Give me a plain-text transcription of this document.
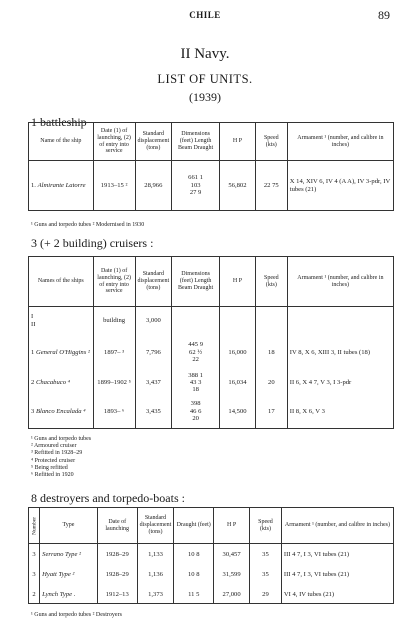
CHILE	89
II Navy.
LIST OF UNITS.
(1939)
1 battleship
Name of the ship	Date (1) of launching, (2) of entry into service	Standard displacement (tons)	Dimensions (feet) Length Beam Draught	H P	Speed (kts)	Armament ¹ (number, and calibre in inches)
1. Almirante Latorre	1913–15 ²	28,966	661 1
103
27 9	56,802	22 75	X 14, XIV 6, IV 4 (A A), IV 3-pdr, IV tubes (21)
¹ Guns and torpedo tubes ² Modernised in 1930
3 (+ 2 building) cruisers :
Names of the ships	Date (1) of launching, (2) of entry into service	Standard displacement (tons)	Dimensions (feet) Length Beam Draught	H P	Speed (kts)	Armament ¹ (number, and calibre in inches)
I
II	building	3,000				
1 General O'Higgins ²	1897– ³	7,796	445 9
62 ½
22	16,000	18	IV 8, X 6, XIII 3, II tubes (18)
2 Chacabuco ⁴	1899–1902 ⁵	3,437	388 1
43 3
18	16,034	20	II 6, X 4 7, V 3, I 3-pdr
3 Blanco Encalada ⁴	1893– ⁶	3,435	398
46 6
20	14,500	17	II 8, X 6, V 3
¹ Guns and torpedo tubes
² Armoured cruiser
³ Refitted in 1928–29
⁴ Protected cruiser
⁵ Being refitted
⁶ Refitted in 1920
8 destroyers and torpedo-boats :
Number	Type	Date of launching	Standard displacement (tons)	Draught (feet)	H P	Speed (kts)	Armament ¹ (number, and calibre in inches)
3	Serrano Type ²	1928–29	1,133	10 8	30,457	35	III 4 7, I 3, VI tubes (21)
3	Hyatt Type ²	1928–29	1,136	10 8	31,599	35	III 4 7, I 3, VI tubes (21)
2	Lynch Type .	1912–13	1,373	11 5	27,000	29	VI 4, IV tubes (21)
¹ Guns and torpedo tubes ² Destroyers
